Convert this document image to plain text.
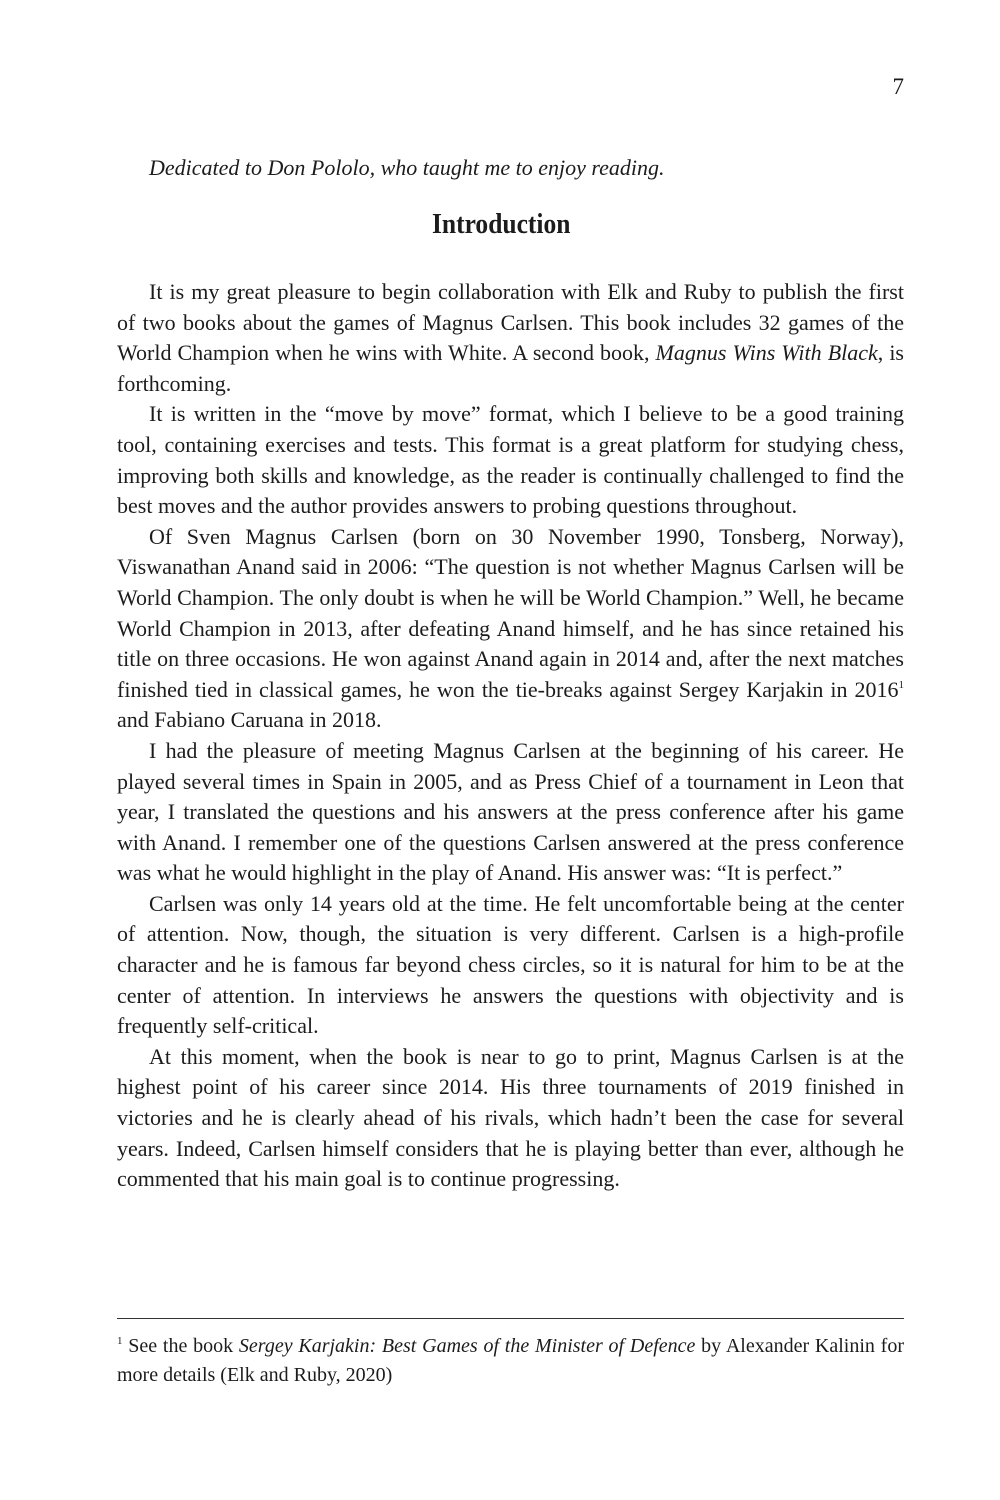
7

Dedicated to Don Pololo, who taught me to enjoy reading.

Introduction

It is my great pleasure to begin collaboration with Elk and Ruby to publish the first of two books about the games of Magnus Carlsen. This book includes 32 games of the World Champion when he wins with White. A second book, Magnus Wins With Black, is forthcoming.

It is written in the “move by move” format, which I believe to be a good training tool, containing exercises and tests. This format is a great platform for studying chess, improving both skills and knowledge, as the reader is continually challenged to find the best moves and the author provides answers to probing questions throughout.

Of Sven Magnus Carlsen (born on 30 November 1990, Tonsberg, Norway), Viswanathan Anand said in 2006: “The question is not whether Magnus Carlsen will be World Champion. The only doubt is when he will be World Champion.” Well, he became World Champion in 2013, after defeating Anand himself, and he has since retained his title on three occasions. He won against Anand again in 2014 and, after the next matches finished tied in classical games, he won the tie-breaks against Sergey Karjakin in 2016$^1$ and Fabiano Caruana in 2018.

I had the pleasure of meeting Magnus Carlsen at the beginning of his career. He played several times in Spain in 2005, and as Press Chief of a tournament in Leon that year, I translated the questions and his answers at the press conference after his game with Anand. I remember one of the questions Carlsen answered at the press conference was what he would highlight in the play of Anand. His answer was: “It is perfect.”

Carlsen was only 14 years old at the time. He felt uncomfortable being at the center of attention. Now, though, the situation is very different. Carlsen is a high-profile character and he is famous far beyond chess circles, so it is natural for him to be at the center of attention. In interviews he answers the questions with objectivity and is frequently self-critical.

At this moment, when the book is near to go to print, Magnus Carlsen is at the highest point of his career since 2014. His three tournaments of 2019 finished in victories and he is clearly ahead of his rivals, which hadn’t been the case for several years. Indeed, Carlsen himself considers that he is playing better than ever, although he commented that his main goal is to continue progressing.

$^1$ See the book Sergey Karjakin: Best Games of the Minister of Defence by Alexander Kalinin for more details (Elk and Ruby, 2020)
